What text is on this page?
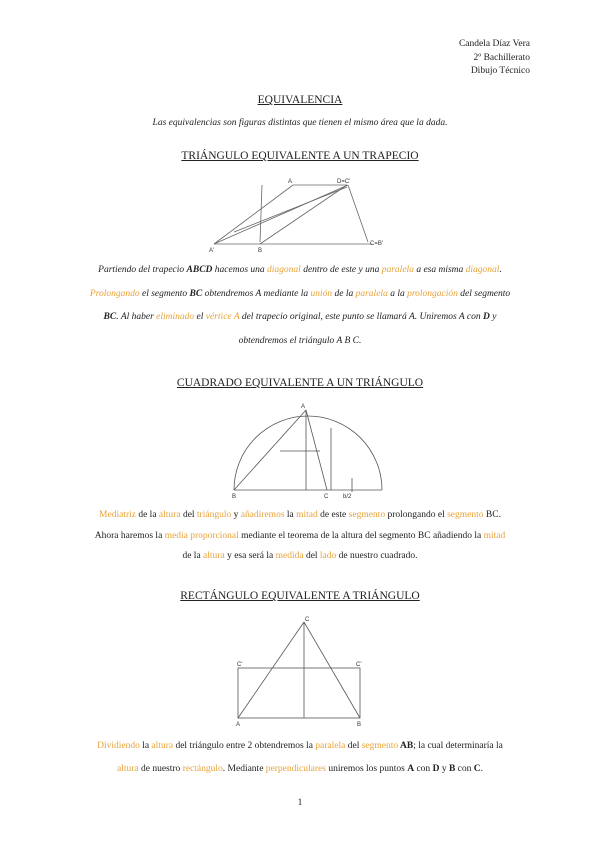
Candela Díaz Vera
2º Bachillerato
Dibujo Técnico
EQUIVALENCIA
Las equivalencias son figuras distintas que tienen el mismo área que la dada.
TRIÁNGULO EQUIVALENTE A UN TRAPECIO
A	D=C'
A'	B
C=B'
Partiendo del trapecio ABCD hacemos una diagonal dentro de este y una paralela a esa misma diagonal.
Prolongando el segmento BC obtendremos A mediante la unión de la paralela a la prolongación del segmento
BC. Al haber eliminado el vértice A del trapecio original, este punto se llamará A. Uniremos A con D y
obtendremos el triángulo A B C.
CUADRADO EQUIVALENTE A UN TRIÁNGULO
A
B	C b/2
Mediatriz de la altura del triángulo y añadiremos la mitad de este segmento prolongando el segmento BC.
Ahora haremos la media proporcional mediante el teorema de la altura del segmento BC añadiendo la mitad
de la altura y esa será la medida del lado de nuestro cuadrado.
RECTÁNGULO EQUIVALENTE A TRIÁNGULO
C
C'	C'
A	B
Dividiendo la altura del triángulo entre 2 obtendremos la paralela del segmento AB; la cual determinaría la
altura de nuestro rectángulo. Mediante perpendiculares uniremos los puntos A con D y B con C.
1
